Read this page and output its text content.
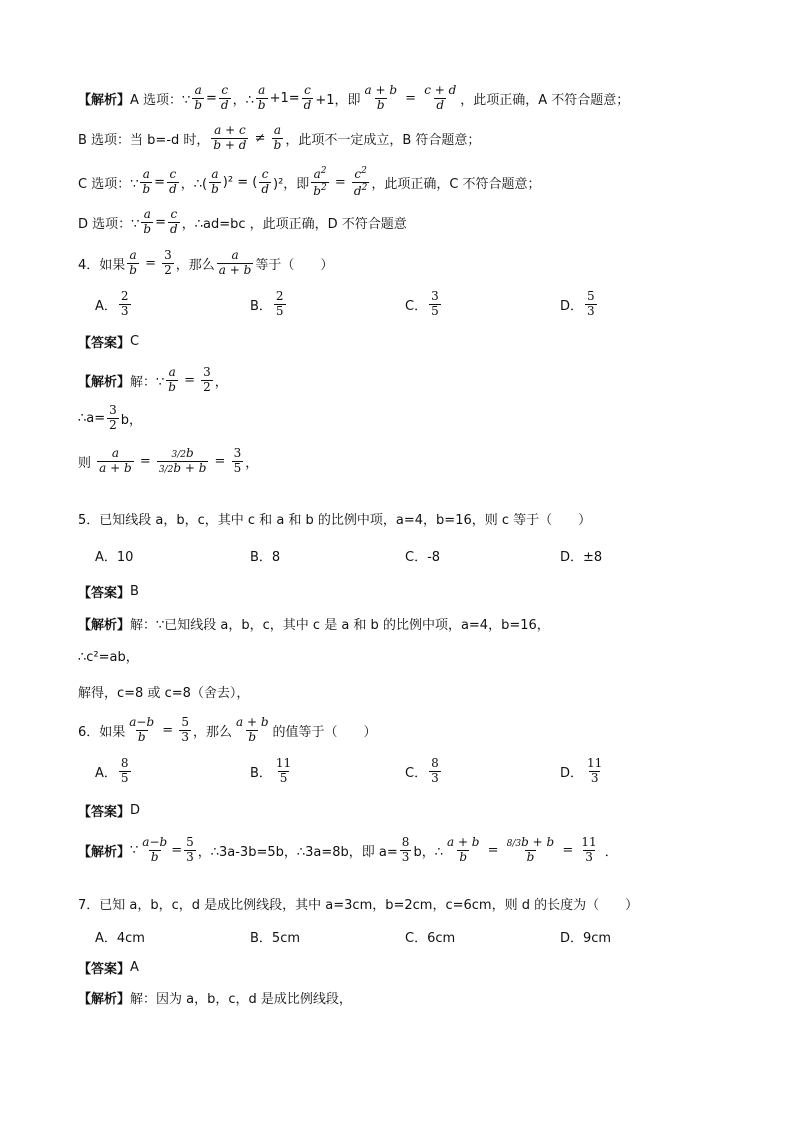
【解析】 A 选项：∵ $\frac{a}{b} = \frac{c}{d}$ ，∴ $\frac{a}{b} +1= \frac{c}{d} +1$，即 $\frac{a + b}{b} = \frac{c + d}{d}$ ，此项正确，A 不符合题意；
B 选项：当 b=-d 时， $\frac{a + c}{b + d} \ne \frac{a}{b}$ ，此项不一定成立，B 符合题意；
C 选项：∵ $\frac{a}{b} = \frac{c}{d}$ ，∴( $\frac{a}{b} )^2$ = ( $\frac{c}{d} )^2$，即 $\frac{a^2}{b^2} = \frac{c^2}{d^2}$ ，此项正确，C 不符合题意；
D 选项：∵ $\frac{a}{b} = \frac{c}{d}$ ，∴ad=bc ，此项正确，D 不符合题意
4．如果 $\frac{a}{b} = \frac{3}{2}$ ，那么 $\frac{a}{a + b}$ 等于（　　）
A． $\frac{2}{3}$	B． $\frac{2}{5}$	C． $\frac{3}{5}$	D． $\frac{5}{3}$
【答案】 C
【解析】 解：∵ $\frac{a}{b} = \frac{3}{2}$ ，
∴a= $\frac{3}{2}$ b，
则
$\frac{a}{a + b} = \frac{3/2b}{3/2b + b} = \frac{3}{5}$ ，
5．已知线段 a，b，c，其中 c 和 a 和 b 的比例中项，a=4，b=16，则 c 等于（　　）
A．10	B．8	C．-8	D．±8
【答案】 B
【解析】 解：∵已知线段 a，b，c，其中 c 是 a 和 b 的比例中项，a=4，b=16，
∴c²=ab，
解得，c=8 或 c=8（舍去），
6．如果 $\frac{a-b}{b} = \frac{5}{3}$ ，那么 $\frac{a + b}{b}$ 的值等于（　　）
A． $\frac{8}{5}$	B． $\frac{11}{5}$	C． $\frac{8}{3}$	D． $\frac{11}{3}$
【答案】 D
【解析】 ∵ $\frac{a-b}{b} = \frac{5}{3}$ ，∴3a-3b=5b，∴3a=8b，即 $a= \frac{8}{3}$ b，∴ $\frac{a + b}{b} = \frac{8/3b + b}{b} = \frac{11}{3}$
．
7．已知 a，b，c，d 是成比例线段，其中 a=3cm，b=2cm，c=6cm，则 d 的长度为（　　）
A．4cm	B．5cm	C．6cm	D．9cm
【答案】 A
【解析】 解：因为 a，b，c，d 是成比例线段，
